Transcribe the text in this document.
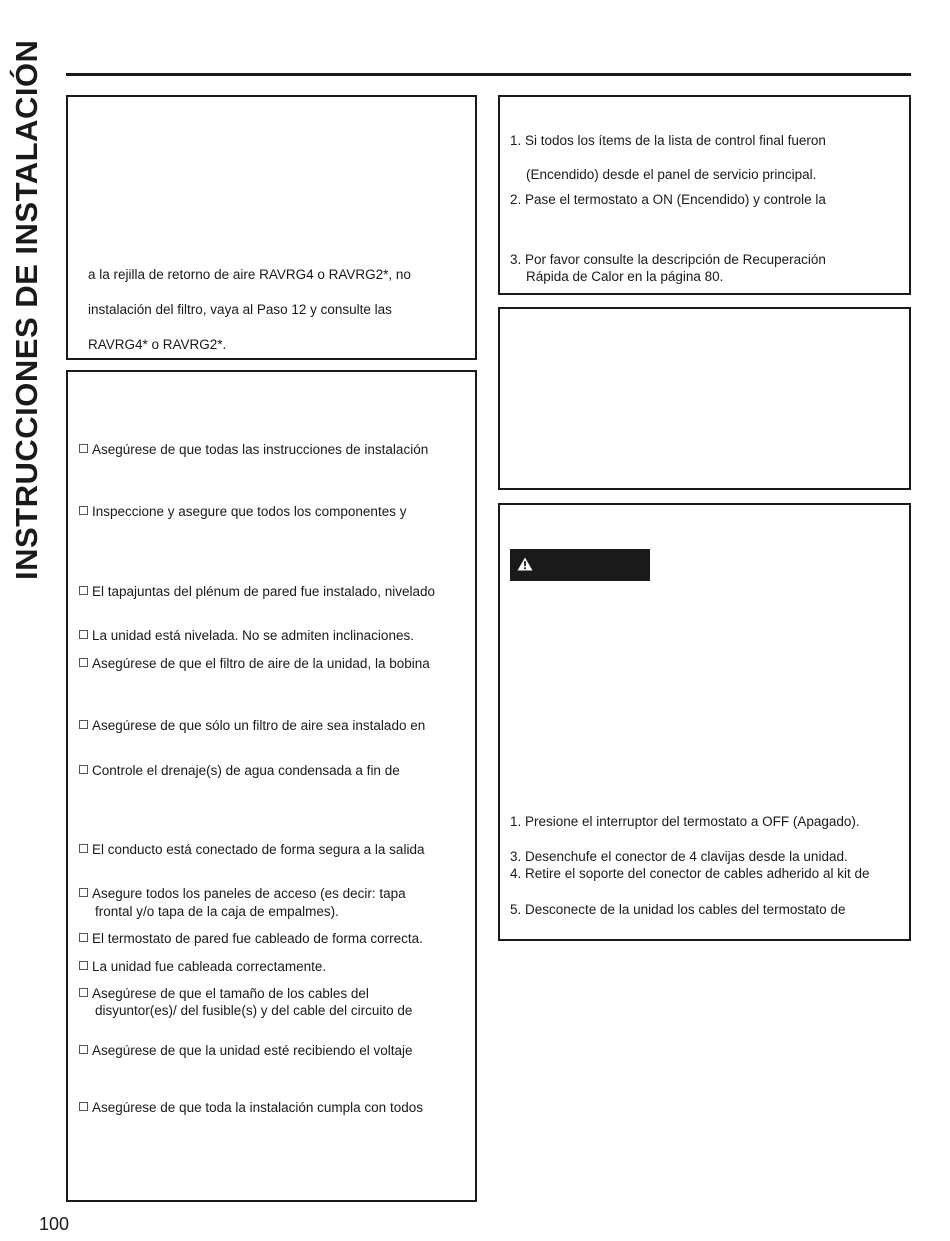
INSTRUCCIONES DE INSTALACIÓN	a la rejilla de retorno de aire RAVRG4 o RAVRG2*, no
instalación del filtro, vaya al Paso 12 y consulte las
RAVRG4* o RAVRG2*.
Asegúrese de que todas las instrucciones de instalación
Inspeccione y asegure que todos los componentes y
El tapajuntas del plénum de pared fue instalado, nivelado
La unidad está nivelada. No se admiten inclinaciones.
Asegúrese de que el filtro de aire de la unidad, la bobina
Asegúrese de que sólo un filtro de aire sea instalado en
Controle el drenaje(s) de agua condensada a fin de
El conducto está conectado de forma segura a la salida
Asegure todos los paneles de acceso (es decir: tapa
frontal y/o tapa de la caja de empalmes).
El termostato de pared fue cableado de forma correcta.
La unidad fue cableada correctamente.
Asegúrese de que el tamaño de los cables del
disyuntor(es)/ del fusible(s) y del cable del circuito de
Asegúrese de que la unidad esté recibiendo el voltaje
Asegúrese de que toda la instalación cumpla con todos
1. Si todos los ítems de la lista de control final fueron
(Encendido) desde el panel de servicio principal.
2. Pase el termostato a ON (Encendido) y controle la
3. Por favor consulte la descripción de Recuperación
Rápida de Calor en la página 80.
1. Presione el interruptor del termostato a OFF (Apagado).
3. Desenchufe el conector de 4 clavijas desde la unidad.
4. Retire el soporte del conector de cables adherido al kit de
5. Desconecte de la unidad los cables del termostato de
100
